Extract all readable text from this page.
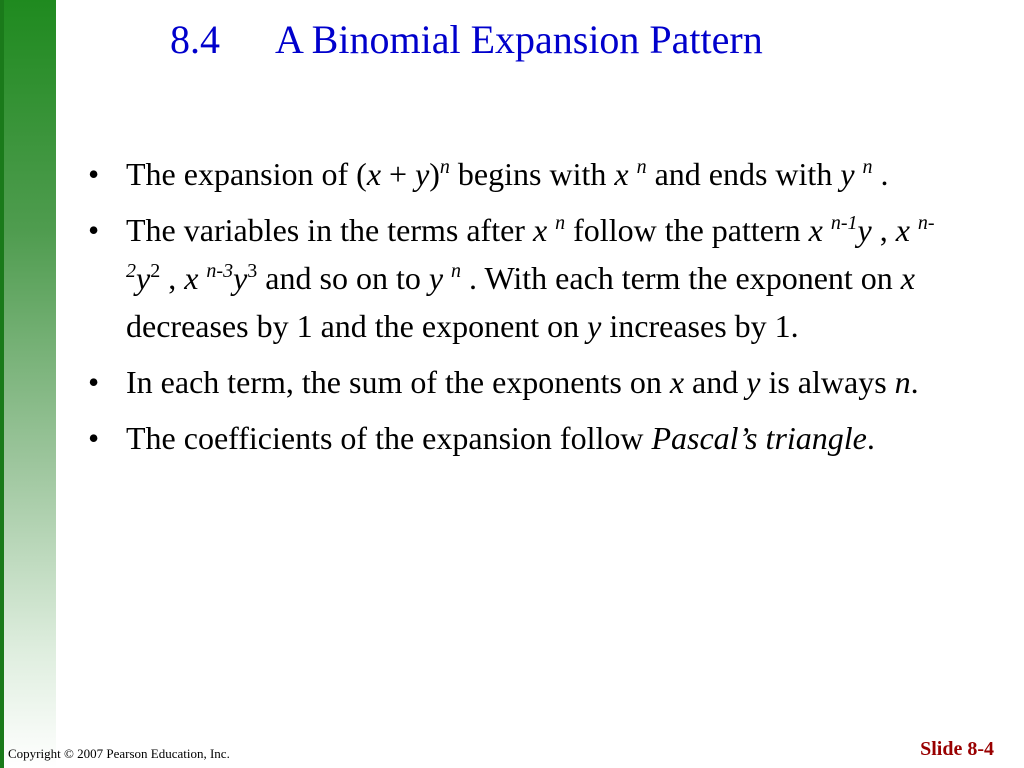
8.4 A Binomial Expansion Pattern
• The expansion of $(x + y)^n$ begins with x $^n$ and ends with y $^n$ .
• The variables in the terms after x $^n$ follow the pattern x $^{n-1}$y , x $^{n-2}y^2$ , x $^{n-3}y^3$ and so on to y $^n$ . With each term the exponent on x decreases by 1 and the exponent on y increases by 1.
• In each term, the sum of the exponents on x and y is always n.
• The coefficients of the expansion follow Pascal’s triangle.
Copyright © 2007 Pearson Education, Inc.	Slide 8-4
